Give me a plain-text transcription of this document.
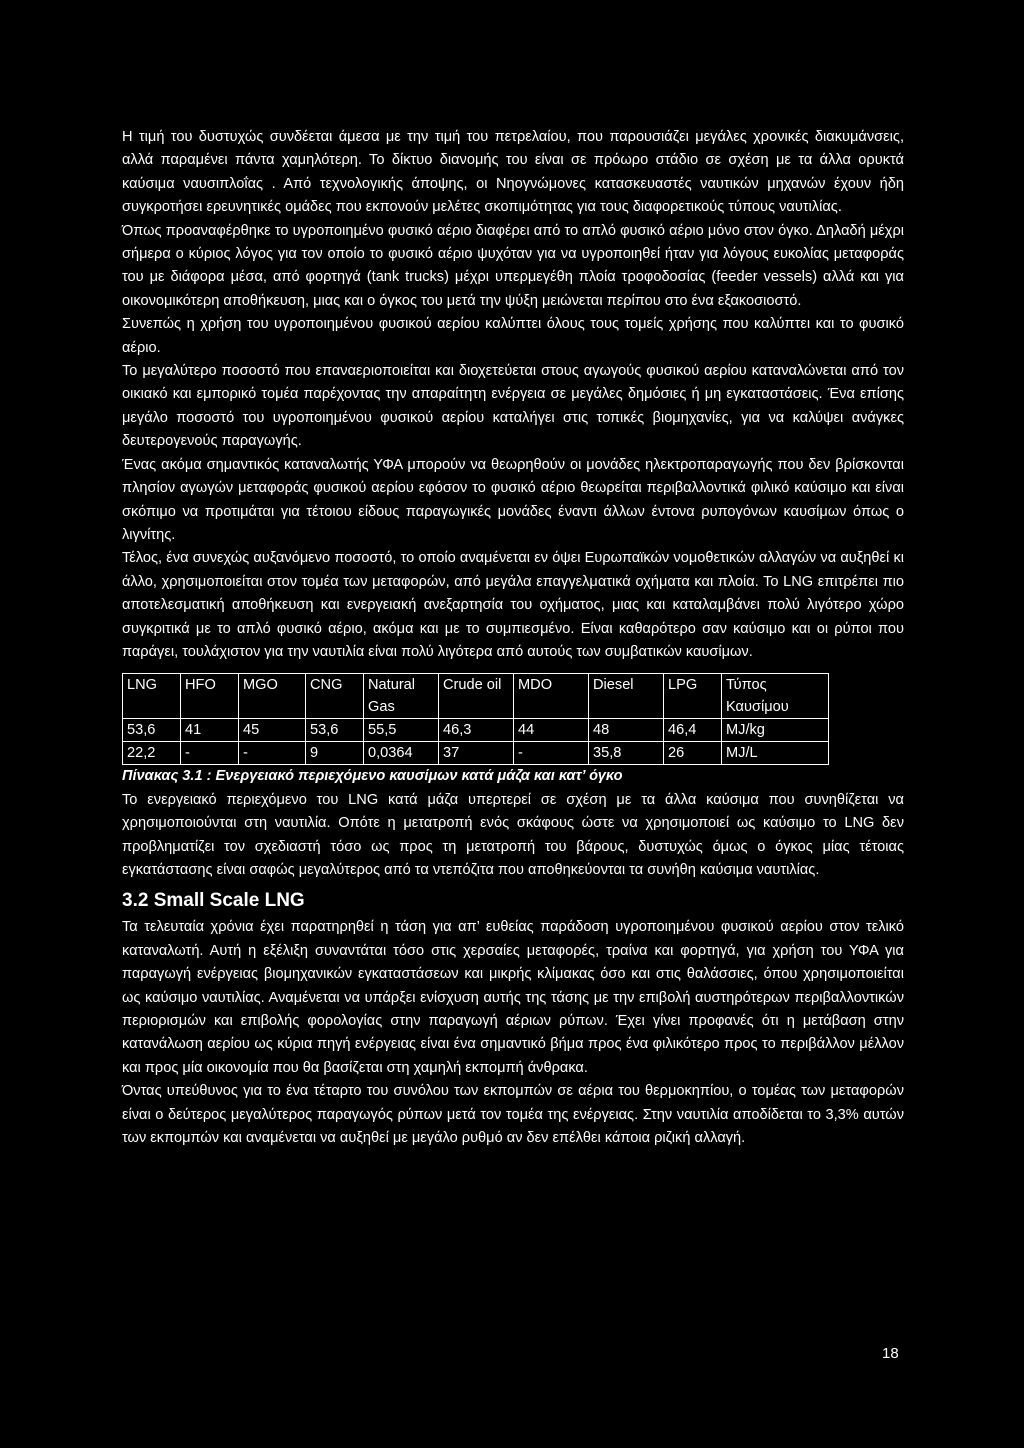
Η τιμή του δυστυχώς συνδέεται άμεσα με την τιμή του πετρελαίου, που παρουσιάζει μεγάλες χρονικές διακυμάνσεις, αλλά παραμένει πάντα χαμηλότερη. Το δίκτυο διανομής του είναι σε πρόωρο στάδιο σε σχέση με τα άλλα ορυκτά καύσιμα ναυσιπλοΐας . Από τεχνολογικής άποψης, οι Νηογνώμονες κατασκευαστές ναυτικών μηχανών έχουν ήδη συγκροτήσει ερευνητικές ομάδες που εκπονούν μελέτες σκοπιμότητας για τους διαφορετικούς τύπους ναυτιλίας.

Όπως προαναφέρθηκε το υγροποιημένο φυσικό αέριο διαφέρει από το απλό φυσικό αέριο μόνο στον όγκο. Δηλαδή μέχρι σήμερα ο κύριος λόγος για τον οποίο το φυσικό αέριο ψυχόταν για να υγροποιηθεί ήταν για λόγους ευκολίας μεταφοράς του με διάφορα μέσα, από φορτηγά (tank trucks) μέχρι υπερμεγέθη πλοία τροφοδοσίας (feeder vessels) αλλά και για οικονομικότερη αποθήκευση, μιας και ο όγκος του μετά την ψύξη μειώνεται περίπου στο ένα εξακοσιοστό.

Συνεπώς η χρήση του υγροποιημένου φυσικού αερίου καλύπτει όλους τους τομείς χρήσης που καλύπτει και το φυσικό αέριο.

Το μεγαλύτερο ποσοστό που επαναεριοποιείται και διοχετεύεται στους αγωγούς φυσικού αερίου καταναλώνεται από τον οικιακό και εμπορικό τομέα παρέχοντας την απαραίτητη ενέργεια σε μεγάλες δημόσιες ή μη εγκαταστάσεις. Ένα επίσης μεγάλο ποσοστό του υγροποιημένου φυσικού αερίου καταλήγει στις τοπικές βιομηχανίες, για να καλύψει ανάγκες δευτερογενούς παραγωγής.

Ένας ακόμα σημαντικός καταναλωτής ΥΦΑ μπορούν να θεωρηθούν οι μονάδες ηλεκτροπαραγωγής που δεν βρίσκονται πλησίον αγωγών μεταφοράς φυσικού αερίου εφόσον το φυσικό αέριο θεωρείται περιβαλλοντικά φιλικό καύσιμο και είναι σκόπιμο να προτιμάται για τέτοιου είδους παραγωγικές μονάδες έναντι άλλων έντονα ρυπογόνων καυσίμων όπως ο λιγνίτης.

Τέλος, ένα συνεχώς αυξανόμενο ποσοστό, το οποίο αναμένεται εν όψει Ευρωπαϊκών νομοθετικών αλλαγών να αυξηθεί κι άλλο, χρησιμοποιείται στον τομέα των μεταφορών, από μεγάλα επαγγελματικά οχήματα και πλοία. Το LNG επιτρέπει πιο αποτελεσματική αποθήκευση και ενεργειακή ανεξαρτησία του οχήματος, μιας και καταλαμβάνει πολύ λιγότερο χώρο συγκριτικά με το απλό φυσικό αέριο, ακόμα και με το συμπιεσμένο. Είναι καθαρότερο σαν καύσιμο και οι ρύποι που παράγει, τουλάχιστον για την ναυτιλία είναι πολύ λιγότερα από αυτούς των συμβατικών καυσίμων.

LNG	HFO	MGO	CNG	Natural Gas	Crude oil	MDO	Diesel	LPG	Τύπος Καυσίμου
53,6	41	45	53,6	55,5	46,3	44	48	46,4	MJ/kg
22,2	-	-	9	0,0364	37	-	35,8	26	MJ/L

Πίνακας 3.1 : Ενεργειακό περιεχόμενο καυσίμων κατά μάζα και κατ’ όγκο

Το ενεργειακό περιεχόμενο του LNG κατά μάζα υπερτερεί σε σχέση με τα άλλα καύσιμα που συνηθίζεται να χρησιμοποιούνται στη ναυτιλία. Οπότε η μετατροπή ενός σκάφους ώστε να χρησιμοποιεί ως καύσιμο το LNG δεν προβληματίζει τον σχεδιαστή τόσο ως προς τη μετατροπή του βάρους, δυστυχώς όμως ο όγκος μίας τέτοιας εγκατάστασης είναι σαφώς μεγαλύτερος από τα ντεπόζιτα που αποθηκεύονται τα συνήθη καύσιμα ναυτιλίας.

3.2 Small Scale LNG

Τα τελευταία χρόνια έχει παρατηρηθεί η τάση για απ’ ευθείας παράδοση υγροποιημένου φυσικού αερίου στον τελικό καταναλωτή. Αυτή η εξέλιξη συναντάται τόσο στις χερσαίες μεταφορές, τραίνα και φορτηγά, για χρήση του ΥΦΑ για παραγωγή ενέργειας βιομηχανικών εγκαταστάσεων και μικρής κλίμακας όσο και στις θαλάσσιες, όπου χρησιμοποιείται ως καύσιμο ναυτιλίας. Αναμένεται να υπάρξει ενίσχυση αυτής της τάσης με την επιβολή αυστηρότερων περιβαλλοντικών περιορισμών και επιβολής φορολογίας στην παραγωγή αέριων ρύπων. Έχει γίνει προφανές ότι η μετάβαση στην κατανάλωση αερίου ως κύρια πηγή ενέργειας είναι ένα σημαντικό βήμα προς ένα φιλικότερο προς το περιβάλλον μέλλον και προς μία οικονομία που θα βασίζεται στη χαμηλή εκπομπή άνθρακα.

Όντας υπεύθυνος για το ένα τέταρτο του συνόλου των εκπομπών σε αέρια του θερμοκηπίου, ο τομέας των μεταφορών είναι ο δεύτερος μεγαλύτερος παραγωγός ρύπων μετά τον τομέα της ενέργειας. Στην ναυτιλία αποδίδεται το 3,3% αυτών των εκπομπών και αναμένεται να αυξηθεί με μεγάλο ρυθμό αν δεν επέλθει κάποια ριζική αλλαγή.

18
